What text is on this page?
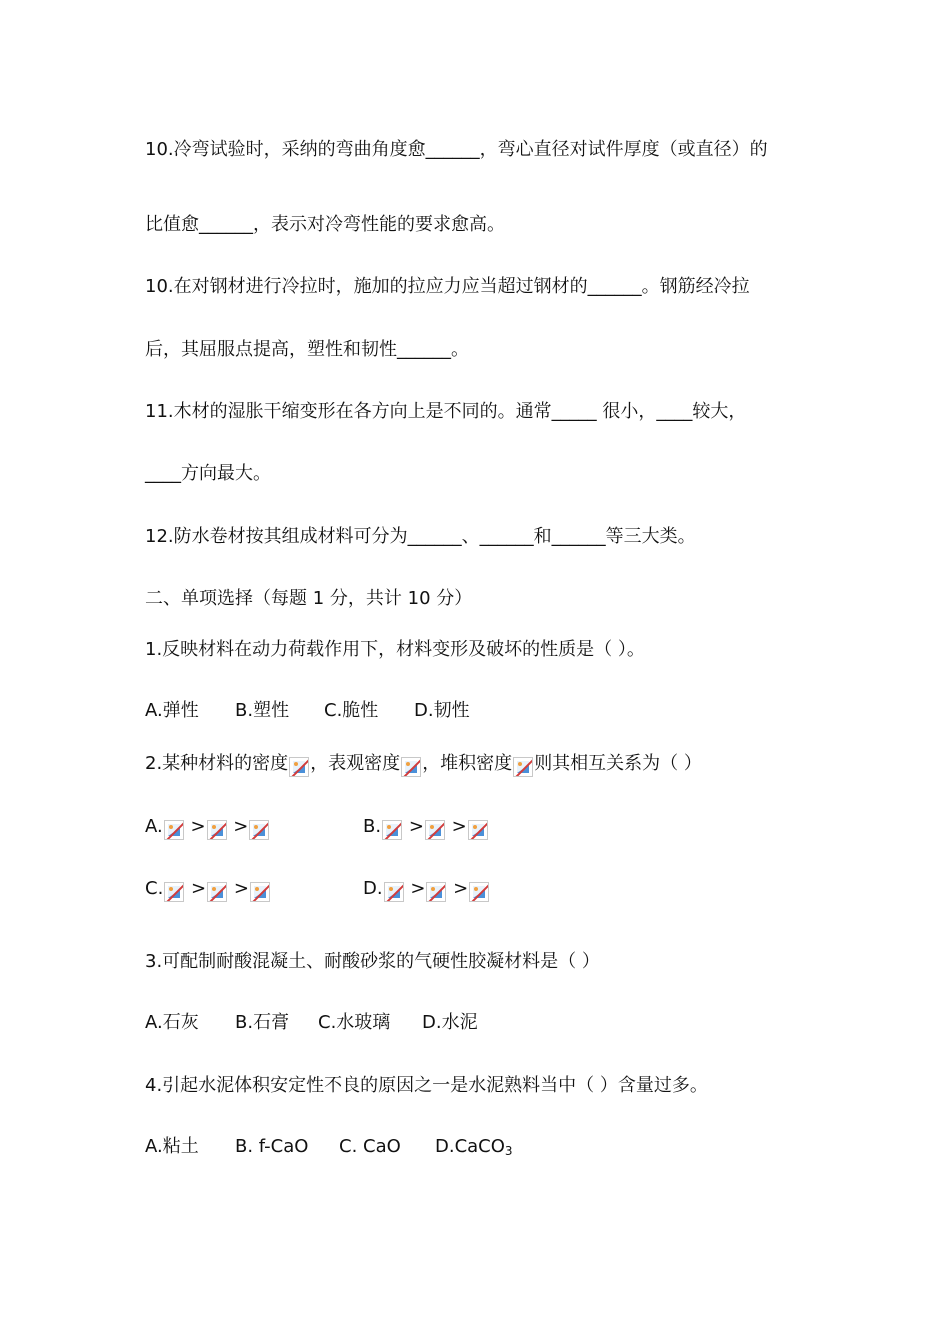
10.冷弯试验时，采纳的弯曲角度愈______，弯心直径对试件厚度（或直径）的
比值愈______，表示对冷弯性能的要求愈高。
10.在对钢材进行冷拉时，施加的拉应力应当超过钢材的______。钢筋经冷拉
后，其屈服点提高，塑性和韧性______。
11.木材的湿胀干缩变形在各方向上是不同的。通常_____ 很小，____较大，
____方向最大。
12.防水卷材按其组成材料可分为______、______和______等三大类。
二、单项选择（每题 1 分，共计 10 分）
1.反映材料在动力荷载作用下，材料变形及破坏的性质是（ ）。
A.弹性 B.塑性 C.脆性 D.韧性
2.某种材料的密度 ，表观密度 ，堆积密度 则其相互关系为（ ）
A. > >	B. > >
C. > >	D. > >
3.可配制耐酸混凝土、耐酸砂浆的气硬性胶凝材料是（ ）
A.石灰 B.石膏 C.水玻璃 D.水泥
4.引起水泥体积安定性不良的原因之一是水泥熟料当中（ ）含量过多。
A.粘土 B. f-CaO C. CaO D.CaCO$_3$
